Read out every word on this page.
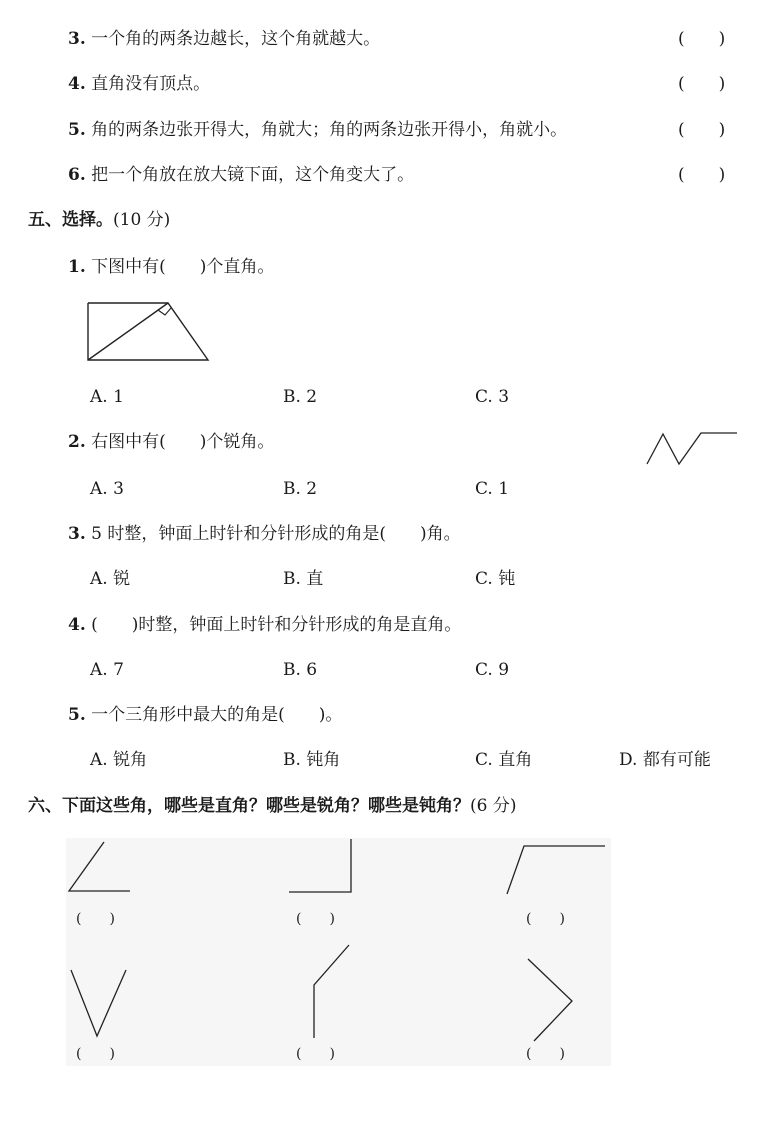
3. 一个角的两条边越长，这个角就越大。	(　　)
4. 直角没有顶点。	(　　)
5. 角的两条边张开得大，角就大；角的两条边张开得小，角就小。	(　　)
6. 把一个角放在放大镜下面，这个角变大了。	(　　)
五、选择。(10 分)
1. 下图中有(　　)个直角。
A. 1	B. 2	C. 3
2. 右图中有(　　)个锐角。
A. 3	B. 2	C. 1
3. 5 时整，钟面上时针和分针形成的角是(　　)角。
A. 锐	B. 直	C. 钝
4. (　　)时整，钟面上时针和分针形成的角是直角。
A. 7	B. 6	C. 9
5. 一个三角形中最大的角是(　　)。
A. 锐角	B. 钝角	C. 直角	D. 都有可能
六、下面这些角，哪些是直角？哪些是锐角？哪些是钝角？(6 分)
(　　)	(　　)	(　　)
(　　)	(　　)	(　　)
